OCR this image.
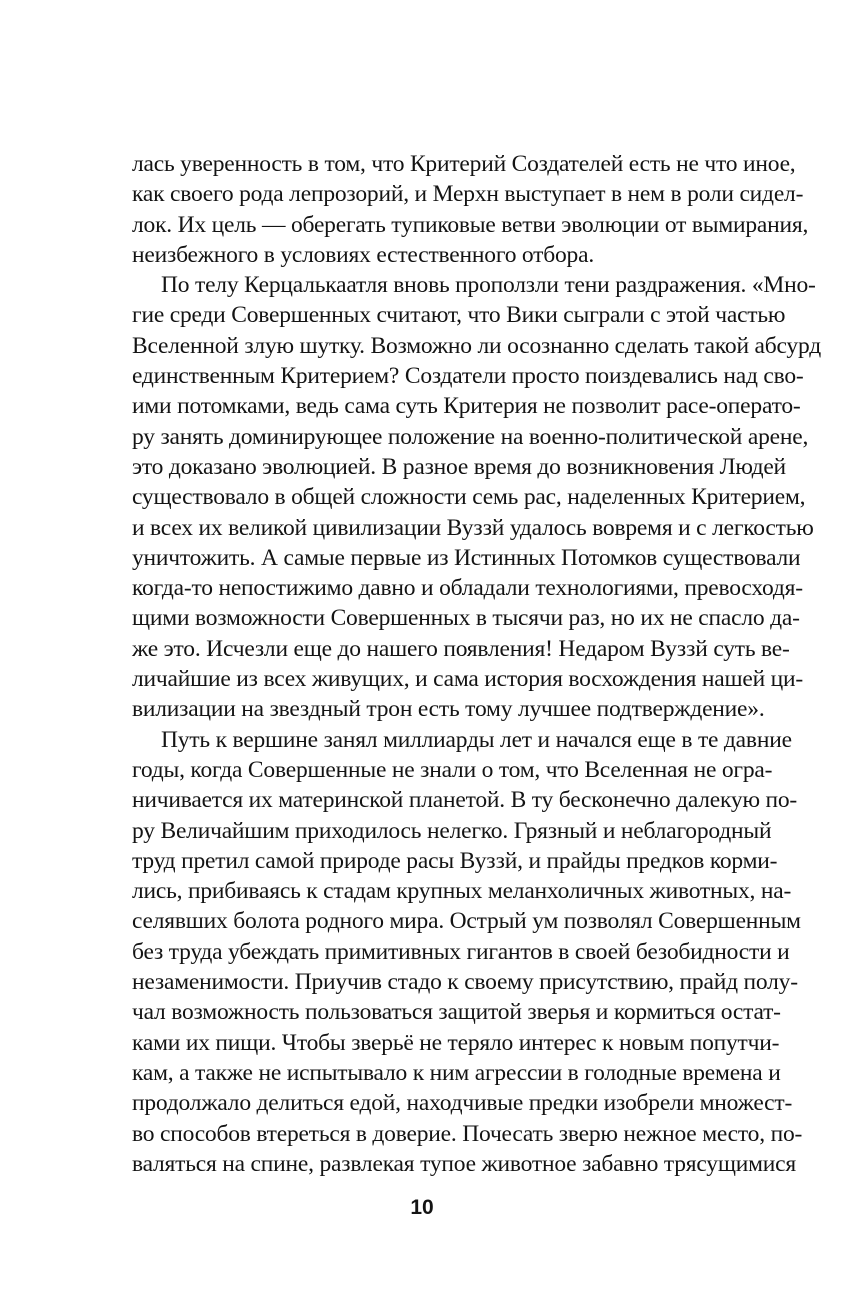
лась уверенность в том, что Критерий Создателей есть не что иное,
как своего рода лепрозорий, и Мерхн выступает в нем в роли сидел-
лок. Их цель — оберегать тупиковые ветви эволюции от вымирания,
неизбежного в условиях естественного отбора.
По телу Керцалькаатля вновь проползли тени раздражения. «Мно-
гие среди Совершенных считают, что Вики сыграли с этой частью
Вселенной злую шутку. Возможно ли осознанно сделать такой абсурд
единственным Критерием? Создатели просто поиздевались над сво-
ими потомками, ведь сама суть Критерия не позволит расе-операто-
ру занять доминирующее положение на военно-политической арене,
это доказано эволюцией. В разное время до возникновения Людей
существовало в общей сложности семь рас, наделенных Критерием,
и всех их великой цивилизации Вуззй удалось вовремя и с легкостью
уничтожить. А самые первые из Истинных Потомков существовали
когда-то непостижимо давно и обладали технологиями, превосходя-
щими возможности Совершенных в тысячи раз, но их не спасло да-
же это. Исчезли еще до нашего появления! Недаром Вуззй суть ве-
личайшие из всех живущих, и сама история восхождения нашей ци-
вилизации на звездный трон есть тому лучшее подтверждение».
Путь к вершине занял миллиарды лет и начался еще в те давние
годы, когда Совершенные не знали о том, что Вселенная не огра-
ничивается их материнской планетой. В ту бесконечно далекую по-
ру Величайшим приходилось нелегко. Грязный и неблагородный
труд претил самой природе расы Вуззй, и прайды предков корми-
лись, прибиваясь к стадам крупных меланхоличных животных, на-
селявших болота родного мира. Острый ум позволял Совершенным
без труда убеждать примитивных гигантов в своей безобидности и
незаменимости. Приучив стадо к своему присутствию, прайд полу-
чал возможность пользоваться защитой зверья и кормиться остат-
ками их пищи. Чтобы зверьё не теряло интерес к новым попутчи-
кам, а также не испытывало к ним агрессии в голодные времена и
продолжало делиться едой, находчивые предки изобрели множест-
во способов втереться в доверие. Почесать зверю нежное место, по-
валяться на спине, развлекая тупое животное забавно трясущимися
10
